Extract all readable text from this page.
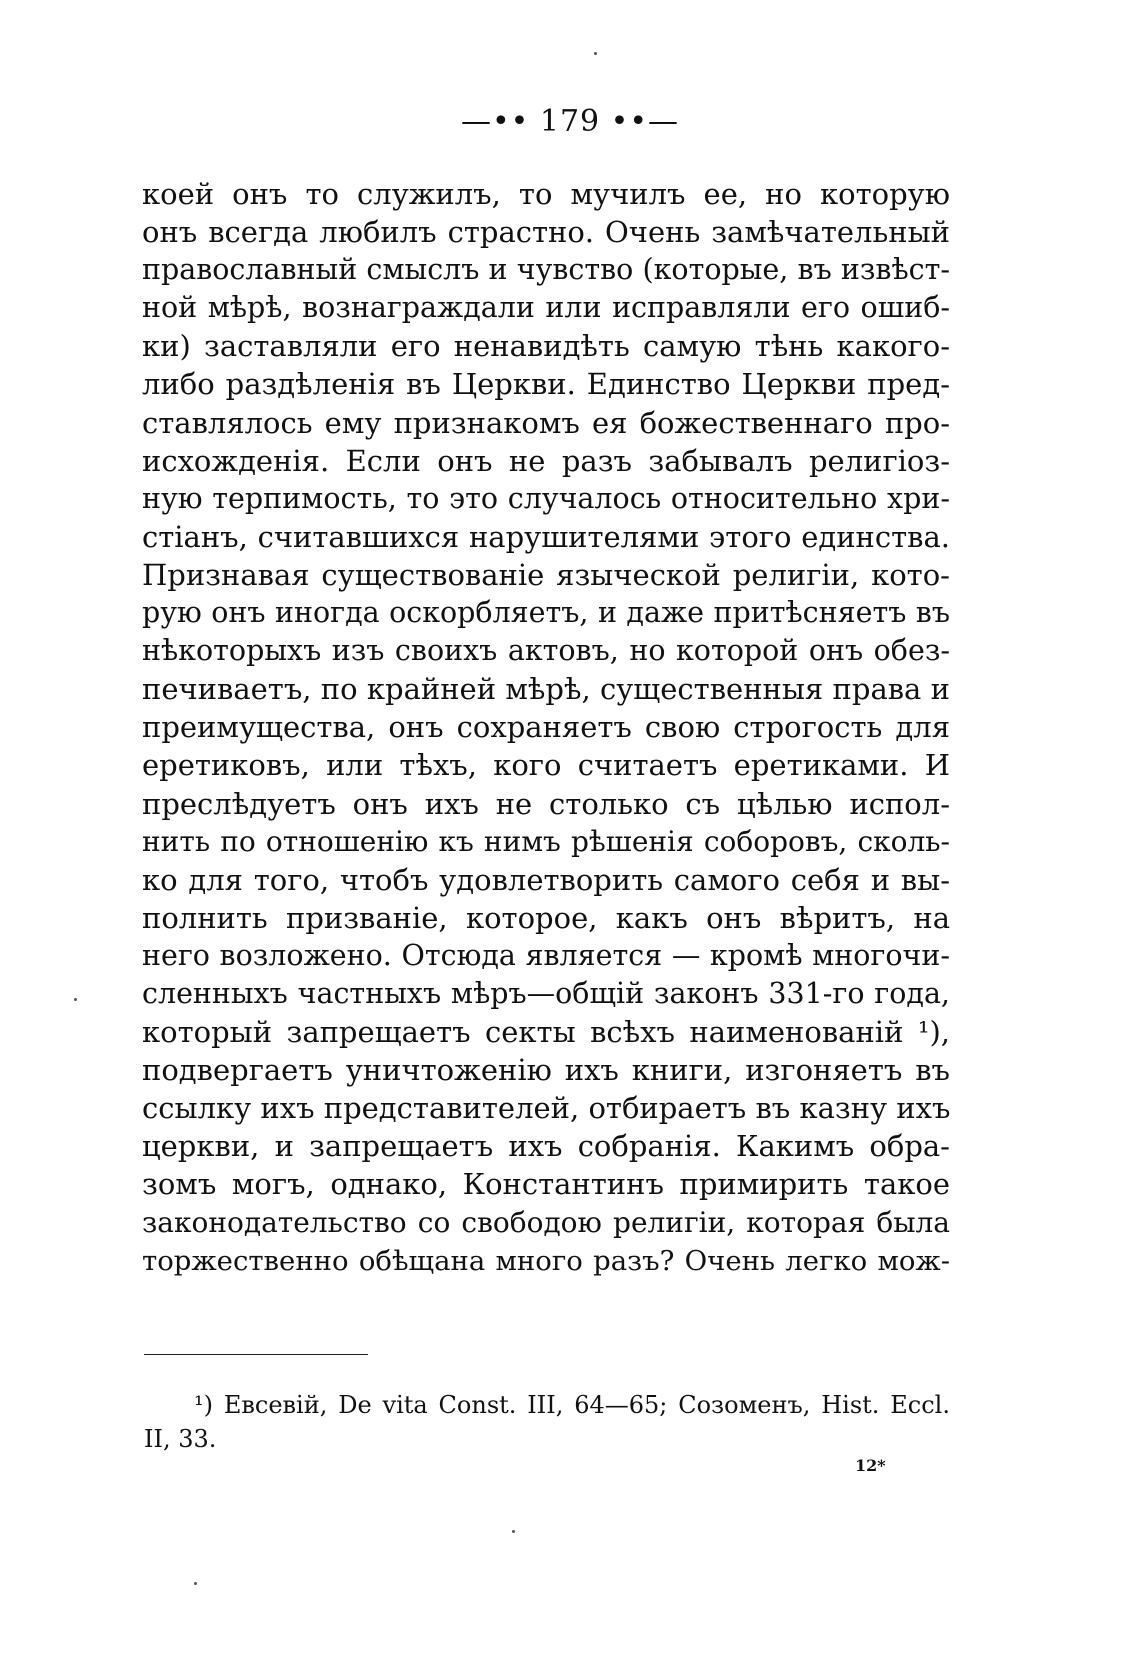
—•• 179 ••—
коей онъ то служилъ, то мучилъ ее, но которую
онъ всегда любилъ страстно. Очень замѣчательный
православный смыслъ и чувство (которые, въ извѣст-
ной мѣрѣ, вознаграждали или исправляли его ошиб-
ки) заставляли его ненавидѣть самую тѣнь какого-
либо раздѣленія въ Церкви. Единство Церкви пред-
ставлялось ему признакомъ ея божественнаго про-
исхожденія. Если онъ не разъ забывалъ религіоз-
ную терпимость, то это случалось относительно хри-
стіанъ, считавшихся нарушителями этого единства.
Признавая существованіе языческой религіи, кото-
рую онъ иногда оскорбляетъ, и даже притѣсняетъ въ
нѣкоторыхъ изъ своихъ актовъ, но которой онъ обез-
печиваетъ, по крайней мѣрѣ, существенныя права и
преимущества, онъ сохраняетъ свою строгость для
еретиковъ, или тѣхъ, кого считаетъ еретиками. И
преслѣдуетъ онъ ихъ не столько съ цѣлью испол-
нить по отношенію къ нимъ рѣшенія соборовъ, сколь-
ко для того, чтобъ удовлетворить самого себя и вы-
полнить призваніе, которое, какъ онъ вѣритъ, на
него возложено. Отсюда является — кромѣ многочи-
сленныхъ частныхъ мѣръ—общій законъ 331-го года,
который запрещаетъ секты всѣхъ наименованій ¹),
подвергаетъ уничтоженію ихъ книги, изгоняетъ въ
ссылку ихъ представителей, отбираетъ въ казну ихъ
церкви, и запрещаетъ ихъ собранія. Какимъ обра-
зомъ могъ, однако, Константинъ примирить такое
законодательство со свободою религіи, которая была
торжественно обѣщана много разъ? Очень легко мож-
¹) Евсевій, De vita Const. III, 64—65; Созоменъ, Hist. Eccl.
II, 33.
12*
